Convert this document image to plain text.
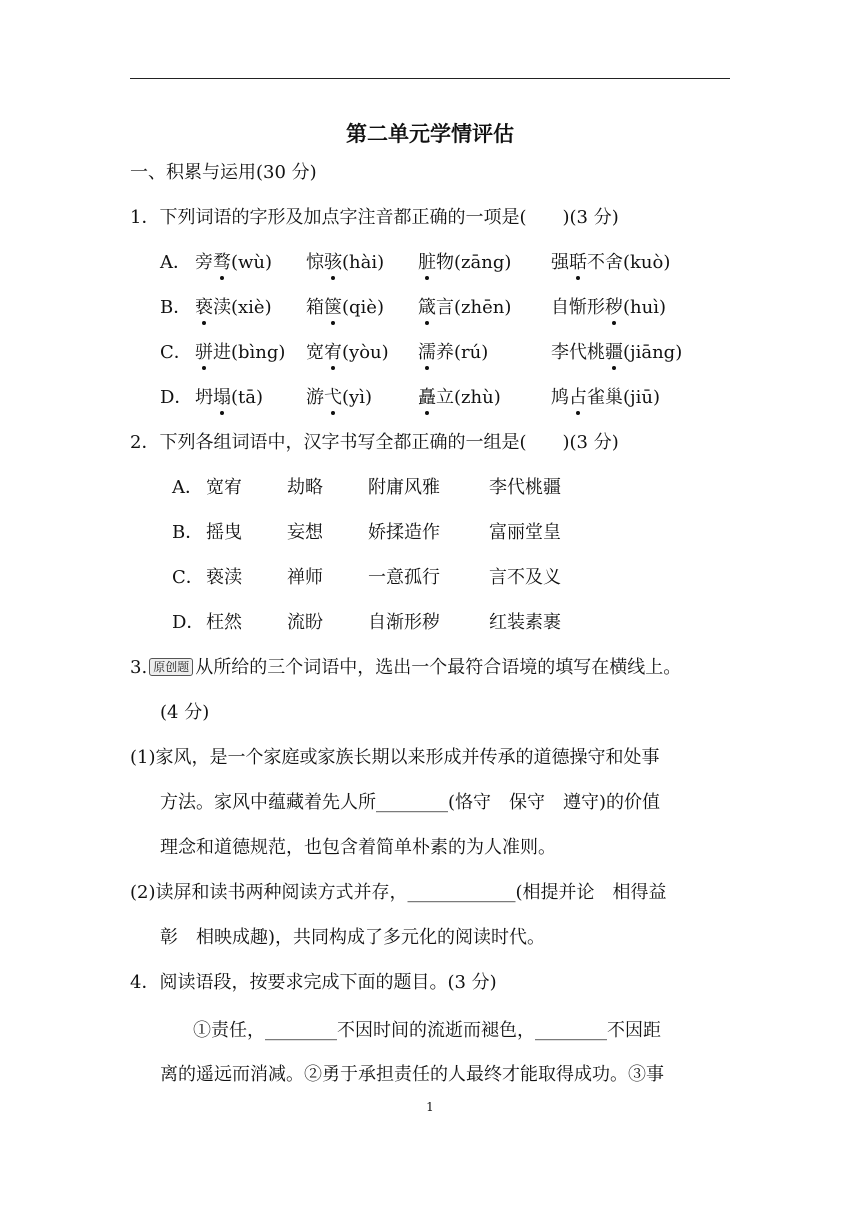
第二单元学情评估
一、积累与运用(30 分)
1．下列词语的字形及加点字注音都正确的一项是(　　)(3 分)
A． 旁骛(wù) 惊骇(hài) 脏物(zāng) 强聒不舍(kuò)
B． 亵渎(xiè) 箱箧(qiè) 箴言(zhēn) 自惭形秽(huì)
C． 骈进(bìng) 宽宥(yòu) 濡养(rú)	李代桃疆(jiāng)
D． 坍塌(tā) 游弋(yì)	矗立(zhù)	鸠占雀巢(jiū)
2．下列各组词语中，汉字书写全都正确的一组是(　　)(3 分)
A． 宽宥	劫略	附庸风雅	李代桃疆
B． 摇曳	妄想	娇揉造作	富丽堂皇
C． 亵渎	禅师	一意孤行	言不及义
D． 枉然	流盼	自渐形秽	红装素裹
3. 原创题 从所给的三个词语中，选出一个最符合语境的填写在横线上。
(4 分)
(1)家风，是一个家庭或家族长期以来形成并传承的道德操守和处事
方法。家风中蕴藏着先人所________(恪守　保守　遵守)的价值
理念和道德规范，也包含着简单朴素的为人准则。
(2)读屏和读书两种阅读方式并存，____________(相提并论　相得益
彰　相映成趣)，共同构成了多元化的阅读时代。
4．阅读语段，按要求完成下面的题目。(3 分)
①责任，________不因时间的流逝而褪色，________不因距
离的遥远而消减。②勇于承担责任的人最终才能取得成功。③事
1
